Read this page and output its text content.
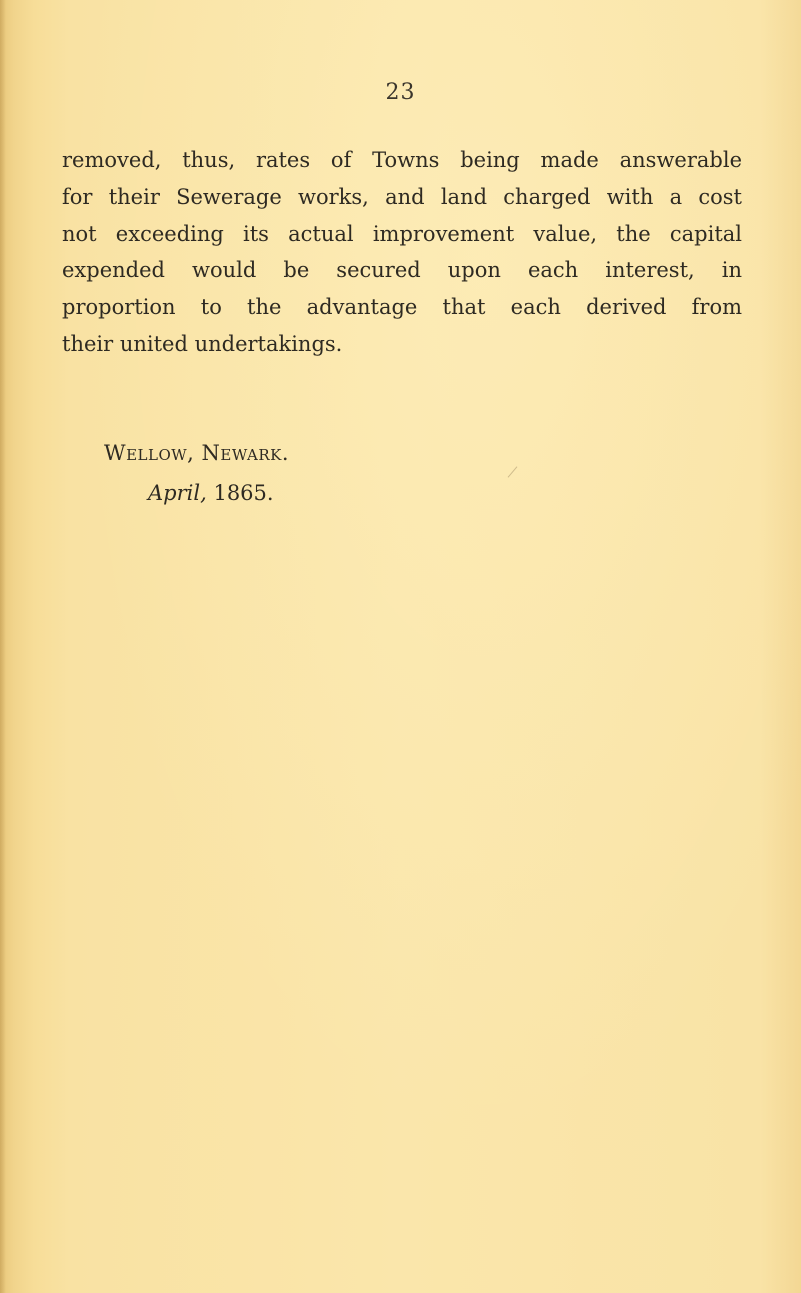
23

removed, thus, rates of Towns being made answerable
for their Sewerage works, and land charged with a cost
not exceeding its actual improvement value, the capital
expended would be secured upon each interest, in
proportion to the advantage that each derived from
their united undertakings.

Wellow, Newark.
April, 1865.
